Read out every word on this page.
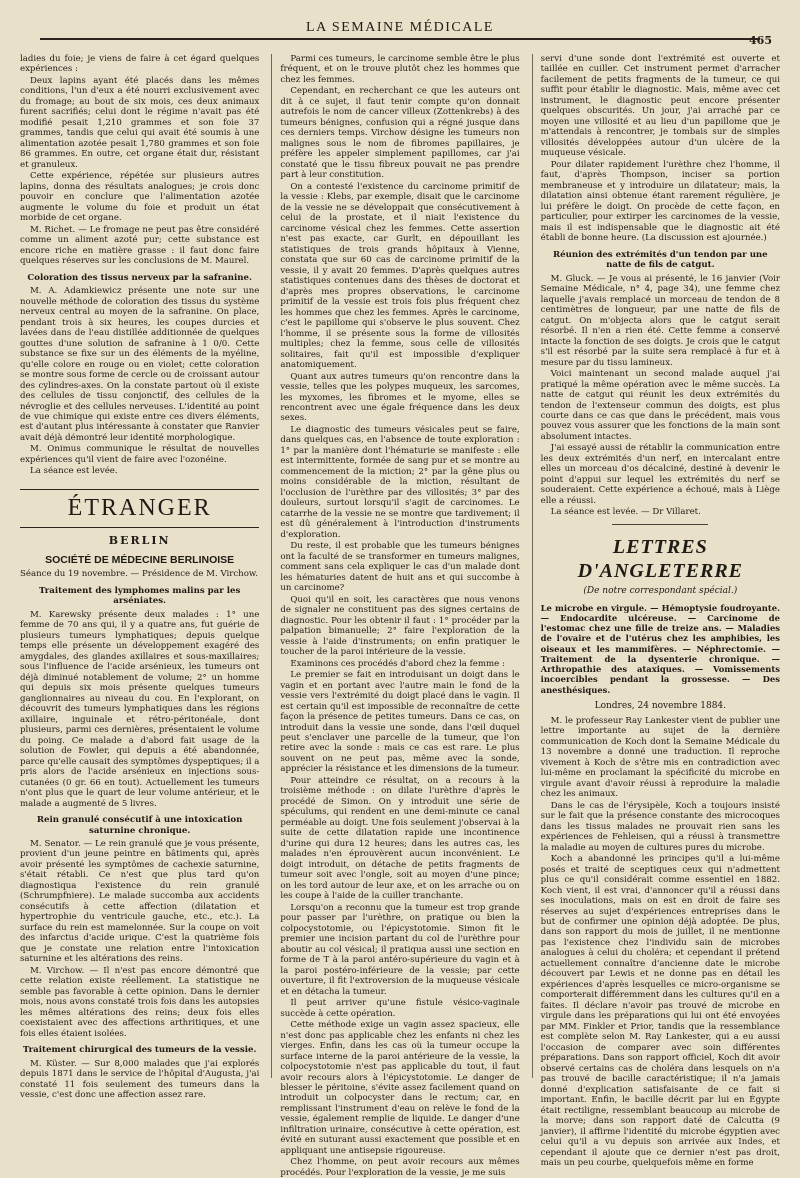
LA SEMAINE MÉDICALE
465

ladies du foie; je viens de faire à cet égard quelques expériences :

Deux lapins ayant été placés dans les mêmes conditions, l'un d'eux a été nourri exclusivement avec du fromage; au bout de six mois, ces deux animaux furent sacrifiés; celui dont le régime n'avait pas été modifié pesait 1,210 grammes et son foie 37 grammes, tandis que celui qui avait été soumis à une alimentation azotée pesait 1,780 grammes et son foie 86 grammes. En outre, cet organe était dur, résistant et granuleux.

Cette expérience, répétée sur plusieurs autres lapins, donna des résultats analogues; je crois donc pouvoir en conclure que l'alimentation azotée augmente le volume du foie et produit un état morbide de cet organe.

M. Richet. — Le fromage ne peut pas être considéré comme un aliment azoté pur; cette substance est encore riche en matière grasse : il faut donc faire quelques réserves sur les conclusions de M. Maurel.

Coloration des tissus nerveux par la safranine.

M. A. Adamkiewicz présente une note sur une nouvelle méthode de coloration des tissus du système nerveux central au moyen de la safranine. On place, pendant trois à six heures, les coupes durcies et lavées dans de l'eau distillée additionnée de quelques gouttes d'une solution de safranine à 1 0/0. Cette substance se fixe sur un des éléments de la myéline, qu'elle colore en rouge ou en violet; cette coloration se montre sous forme de cercle ou de croissant autour des cylindres-axes. On la constate partout où il existe des cellules de tissu conjonctif, des cellules de la névroglie et des cellules nerveuses. L'identité au point de vue chimique qui existe entre ces divers éléments, est d'autant plus intéressante à constater que Ranvier avait déjà démontré leur identité morphologique.

M. Onimus communique le résultat de nouvelles expériences qu'il vient de faire avec l'ozonéine.

La séance est levée.

ÉTRANGER
BERLIN
SOCIÉTÉ DE MÉDECINE BERLINOISE
Séance du 19 novembre. — Présidence de M. Virchow.
Traitement des lymphomes malins par les arséniates.

M. Karewsky présente deux malades : 1° une femme de 70 ans qui, il y a quatre ans, fut guérie de plusieurs tumeurs lymphatiques; depuis quelque temps elle présente un développement exagéré des amygdales, des glandes axillaires et sous-maxillaires; sous l'influence de l'acide arsénieux, les tumeurs ont déjà diminué notablement de volume; 2° un homme qui depuis six mois présente quelques tumeurs ganglionnaires au niveau du cou. En l'explorant, on découvrit des tumeurs lymphatiques dans les régions axillaire, inguinale et rétro-péritonéale, dont plusieurs, parmi ces dernières, présentaient le volume du poing. Ce malade a d'abord fait usage de la solution de Fowler, qui depuis a été abandonnée, parce qu'elle causait des symptômes dyspeptiques; il a pris alors de l'acide arsénieux en injections sous-cutanées (0 gr. 66 en tout). Actuellement les tumeurs n'ont plus que le quart de leur volume antérieur, et le malade a augmenté de 5 livres.

Rein granulé consécutif à une intoxication saturnine chronique.

M. Senator. — Le rein granulé que je vous présente, provient d'un jeune peintre en bâtiments qui, après avoir présenté les symptômes de cachexie saturnine, s'était rétabli. Ce n'est que plus tard qu'on diagnostiqua l'existence du rein granulé (Schrumpfniere). Le malade succomba aux accidents consécutifs à cette affection (dilatation et hypertrophie du ventricule gauche, etc., etc.). La surface du rein est mamelonnée. Sur la coupe on voit des infarctus d'acide urique. C'est la quatrième fois que je constate une relation entre l'intoxication saturnine et les altérations des reins.

M. Virchow. — Il n'est pas encore démontré que cette relation existe réellement. La statistique ne semble pas favorable à cette opinion. Dans le dernier mois, nous avons constaté trois fois dans les autopsies les mêmes altérations des reins; deux fois elles coexistaient avec des affections arthritiques, et une fois elles étaient isolées.

Traitement chirurgical des tumeurs de la vessie.

M. Küster. — Sur 8,000 malades que j'ai explorés depuis 1871 dans le service de l'hôpital d'Augusta, j'ai constaté 11 fois seulement des tumeurs dans la vessie, c'est donc une affection assez rare.

Parmi ces tumeurs, le carcinome semble être le plus fréquent, et on le trouve plutôt chez les hommes que chez les femmes.

Cependant, en recherchant ce que les auteurs ont dit à ce sujet, il faut tenir compte qu'on donnait autrefois le nom de cancer villeux (Zottenkrebs) à des tumeurs bénignes, confusion qui a régné jusque dans ces derniers temps. Virchow désigne les tumeurs non malignes sous le nom de fibromes papillaires, je préfère les appeler simplement papillomes, car j'ai constaté que le tissu fibreux pouvait ne pas prendre part à leur constitution.

On a contesté l'existence du carcinome primitif de la vessie : Klebs, par exemple, disait que le carcinome de la vessie ne se développait que consécutivement à celui de la prostate, et il niait l'existence du carcinome vésical chez les femmes. Cette assertion n'est pas exacte, car Gurlt, en dépouillant les statistiques de trois grands hôpitaux à Vienne, constata que sur 60 cas de carcinome primitif de la vessie, il y avait 20 femmes. D'après quelques autres statistiques contenues dans des thèses de doctorat et d'après mes propres observations, le carcinome primitif de la vessie est trois fois plus fréquent chez les hommes que chez les femmes. Après le carcinome, c'est le papillome qui s'observe le plus souvent. Chez l'homme, il se présente sous la forme de villosités multiples; chez la femme, sous celle de villosités solitaires, fait qu'il est impossible d'expliquer anatomiquement.

Quant aux autres tumeurs qu'on rencontre dans la vessie, telles que les polypes muqueux, les sarcomes, les myxomes, les fibromes et le myome, elles se rencontrent avec une égale fréquence dans les deux sexes.

Le diagnostic des tumeurs vésicales peut se faire, dans quelques cas, en l'absence de toute exploration : 1° par la manière dont l'hématurie se manifeste : elle est intermittente, formée de sang pur et se montre au commencement de la miction; 2° par la gêne plus ou moins considérable de la miction, résultant de l'occlusion de l'urèthre par des villosités; 3° par des douleurs, surtout lorsqu'il s'agit de carcinomes. Le catarrhe de la vessie ne se montre que tardivement; il est dû généralement à l'introduction d'instruments d'exploration.

Du reste, il est probable que les tumeurs bénignes ont la faculté de se transformer en tumeurs malignes, comment sans cela expliquer le cas d'un malade dont les hématuries datent de huit ans et qui succombe à un carcinome?

Quoi qu'il en soit, les caractères que nous venons de signaler ne constituent pas des signes certains de diagnostic. Pour les obtenir il faut : 1° procéder par la palpation bimanuelle; 2° faire l'exploration de la vessie à l'aide d'instruments; on enfin pratiquer le toucher de la paroi intérieure de la vessie.

Examinons ces procédés d'abord chez la femme :

Le premier se fait en introduisant un doigt dans le vagin et en portant avec l'autre main le fond de la vessie vers l'extrémité du doigt placé dans le vagin. Il est certain qu'il est impossible de reconnaître de cette façon la présence de petites tumeurs. Dans ce cas, on introduit dans la vessie une sonde, dans l'œil duquel peut s'enclaver une parcelle de la tumeur, que l'on retire avec la sonde : mais ce cas est rare. Le plus souvent on ne peut pas, même avec la sonde, apprécier la résistance et les dimensions de la tumeur.

Pour atteindre ce résultat, on a recours à la troisième méthode : on dilate l'urèthre d'après le procédé de Simon. On y introduit une série de spéculums, qui rendent en une demi-minute ce canal perméable au doigt. Une fois seulement j'observai à la suite de cette dilatation rapide une incontinence d'urine qui dura 12 heures; dans les autres cas, les malades n'en éprouvèrent aucun inconvénient. Le doigt introduit, on détache de petits fragments de tumeur soit avec l'ongle, soit au moyen d'une pince; on les tord autour de leur axe, et on les arrache ou on les coupe à l'aide de la cuiller tranchante.

Lorsqu'on a reconnu que la tumeur est trop grande pour passer par l'urèthre, on pratique ou bien la colpocystotomie, ou l'épicystotomie. Simon fit le premier une incision partant du col de l'urèthre pour aboutir au col vésical; il pratiqua aussi une section en forme de T à la paroi antéro-supérieure du vagin et à la paroi postéro-inférieure de la vessie; par cette ouverture, il fit l'extroversion de la muqueuse vésicale et en détacha la tumeur.

Il peut arriver qu'une fistule vésico-vaginale succède à cette opération.

Cette méthode exige un vagin assez spacieux, elle n'est donc pas applicable chez les enfants ni chez les vierges. Enfin, dans les cas où la tumeur occupe la surface interne de la paroi antérieure de la vessie, la colpocystotomie n'est pas applicable du tout, il faut avoir recours alors à l'épicystotomie. Le danger de blesser le péritoine, s'évite assez facilement quand on introduit un colpocyster dans le rectum; car, en remplissant l'instrument d'eau on relève le fond de la vessie, également remplie de liquide. Le danger d'une infiltration urinaire, consécutive à cette opération, est évité en suturant aussi exactement que possible et en appliquant une antisepsie rigoureuse.

Chez l'homme, on peut avoir recours aux mêmes procédés. Pour l'exploration de la vessie, je me suis

servi d'une sonde dont l'extrémité est ouverte et taillée en cuiller. Cet instrument permet d'arracher facilement de petits fragments de la tumeur, ce qui suffit pour établir le diagnostic. Mais, même avec cet instrument, le diagnostic peut encore présenter quelques obscurités. Un jour, j'ai arraché par ce moyen une villosité et au lieu d'un papillome que je m'attendais à rencontrer, je tombais sur de simples villosités développées autour d'un ulcère de la muqueuse vésicale.

Pour dilater rapidement l'urèthre chez l'homme, il faut, d'après Thompson, inciser sa portion membraneuse et y introduire un dilatateur; mais, la dilatation ainsi obtenue étant rarement régulière, je lui préfère le doigt. On procède de cette façon, en particulier, pour extirper les carcinomes de la vessie, mais il est indispensable que le diagnostic ait été établi de bonne heure. (La discussion est ajournée.)

Réunion des extrémités d'un tendon par une natte de fils de catgut.

M. Gluck. — Je vous ai présenté, le 16 janvier (Voir Semaine Médicale, n° 4, page 34), une femme chez laquelle j'avais remplacé un morceau de tendon de 8 centimètres de longueur, par une natte de fils de catgut. On m'objecta alors que le catgut serait résorbé. Il n'en a rien été. Cette femme a conservé intacte la fonction de ses doigts. Je crois que le catgut s'il est résorbé par la suite sera remplacé à fur et à mesure par du tissu lamineux.

Voici maintenant un second malade auquel j'ai pratiqué la même opération avec le même succès. La natte de catgut qui réunit les deux extrémités du tendon de l'extenseur commun des doigts, est plus courte dans ce cas que dans le précédent, mais vous pouvez vous assurer que les fonctions de la main sont absolument intactes.

J'ai essayé aussi de rétablir la communication entre les deux extrémités d'un nerf, en intercalant entre elles un morceau d'os décalciné, destiné à devenir le point d'appui sur lequel les extrémités du nerf se souderaient. Cette expérience a échoué, mais à Liège elle a réussi.

La séance est levée. — Dr Villaret.

LETTRES D'ANGLETERRE
(De notre correspondant spécial.)
Le microbe en virgule. — Hémoptysie foudroyante. — Endocardite ulcéreuse. — Carcinome de l'estomac chez une fille de treize ans. — Maladies de l'ovaire et de l'utérus chez les amphibies, les oiseaux et les mammifères. — Néphrectomie. — Traitement de la dysenterie chronique. — Arthropathie des ataxiques. — Vomissements incoercibles pendant la grossesse. — Des anesthésiques.
Londres, 24 novembre 1884.

M. le professeur Ray Lankester vient de publier une lettre importante au sujet de la dernière communication de Koch dont la Semaine Médicale du 13 novembre a donné une traduction. Il reproche vivement à Koch de s'être mis en contradiction avec lui-même en proclamant la spécificité du microbe en virgule avant d'avoir réussi à reproduire la maladie chez les animaux.

Dans le cas de l'érysipèle, Koch a toujours insisté sur le fait que la présence constante des microcoques dans les tissus malades ne prouvait rien sans les expériences de Fehleisen, qui a réussi à transmettre la maladie au moyen de cultures pures du microbe.

Koch a abandonné les principes qu'il a lui-même posés et traité de sceptiques ceux qui n'admettent plus ce qu'il considérait comme essentiel en 1882. Koch vient, il est vrai, d'annoncer qu'il a réussi dans ses inoculations, mais on est en droit de faire ses réserves au sujet d'expériences entreprises dans le but de confirmer une opinion déjà adoptée. De plus, dans son rapport du mois de juillet, il ne mentionne pas l'existence chez l'individu sain de microbes analogues à celui du choléra; et cependant il prétend actuellement connaître d'ancienne date le microbe découvert par Lewis et ne donne pas en détail les expériences d'après lesquelles ce micro-organisme se comporterait différemment dans les cultures qu'il en a faites. Il déclare n'avoir pas trouvé de microbe en virgule dans les préparations qui lui ont été envoyées par MM. Finkler et Prior, tandis que la ressemblance est complète selon M. Ray Lankester, qui a eu aussi l'occasion de comparer avec soin différentes préparations. Dans son rapport officiel, Koch dit avoir observé certains cas de choléra dans lesquels on n'a pas trouvé de bacille caractéristique; il n'a jamais donné d'explication satisfaisante de ce fait si important. Enfin, le bacille décrit par lui en Égypte était rectiligne, ressemblant beaucoup au microbe de la morve; dans son rapport daté de Calcutta (9 janvier), il affirme l'identité du microbe égyptien avec celui qu'il a vu depuis son arrivée aux Indes, et cependant il ajoute que ce dernier n'est pas droit, mais un peu courbe, quelquefois même en forme
